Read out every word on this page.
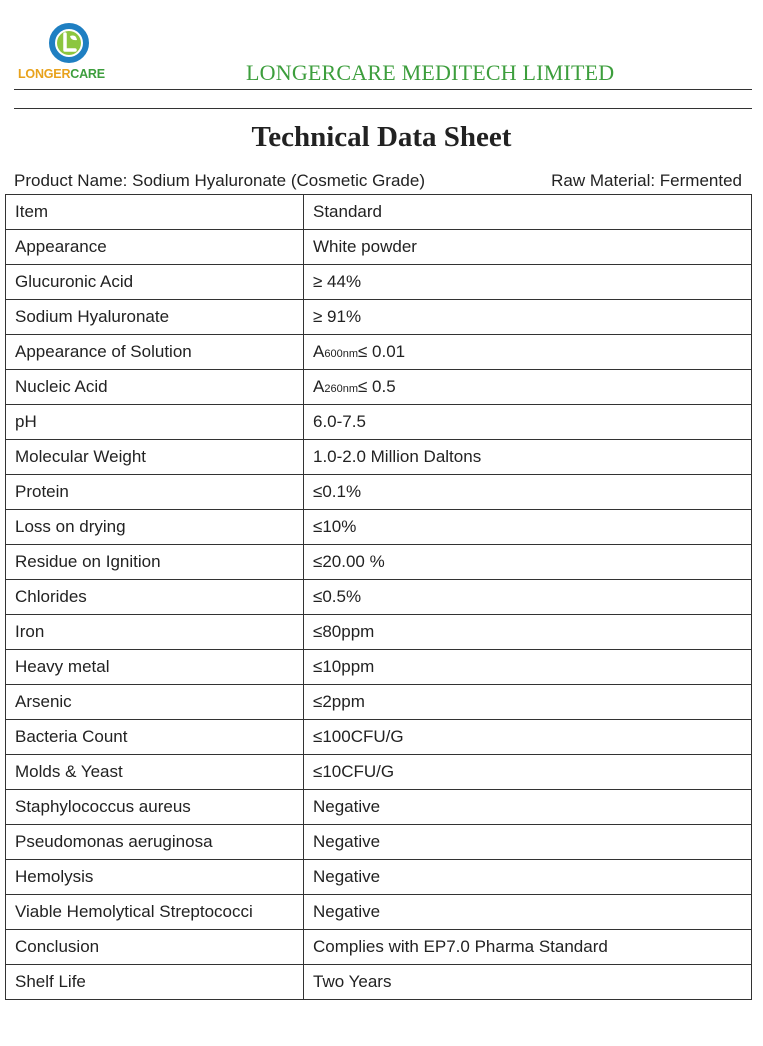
LONGERCARE	LONGERCARE MEDITECH LIMITED
Technical Data Sheet
Product Name: Sodium Hyaluronate (Cosmetic Grade)	Raw Material: Fermented
Item	Standard
Appearance	White powder
Glucuronic Acid	≥ 44%
Sodium Hyaluronate	≥ 91%
Appearance of Solution	A600nm≤ 0.01
Nucleic Acid	A260nm≤ 0.5
pH	6.0-7.5
Molecular Weight	1.0-2.0 Million Daltons
Protein	≤0.1%
Loss on drying	≤10%
Residue on Ignition	≤20.00 %
Chlorides	≤0.5%
Iron	≤80ppm
Heavy metal	≤10ppm
Arsenic	≤2ppm
Bacteria Count	≤100CFU/G
Molds & Yeast	≤10CFU/G
Staphylococcus aureus	Negative
Pseudomonas aeruginosa	Negative
Hemolysis	Negative
Viable Hemolytical Streptococci	Negative
Conclusion	Complies with EP7.0 Pharma Standard
Shelf Life	Two Years
